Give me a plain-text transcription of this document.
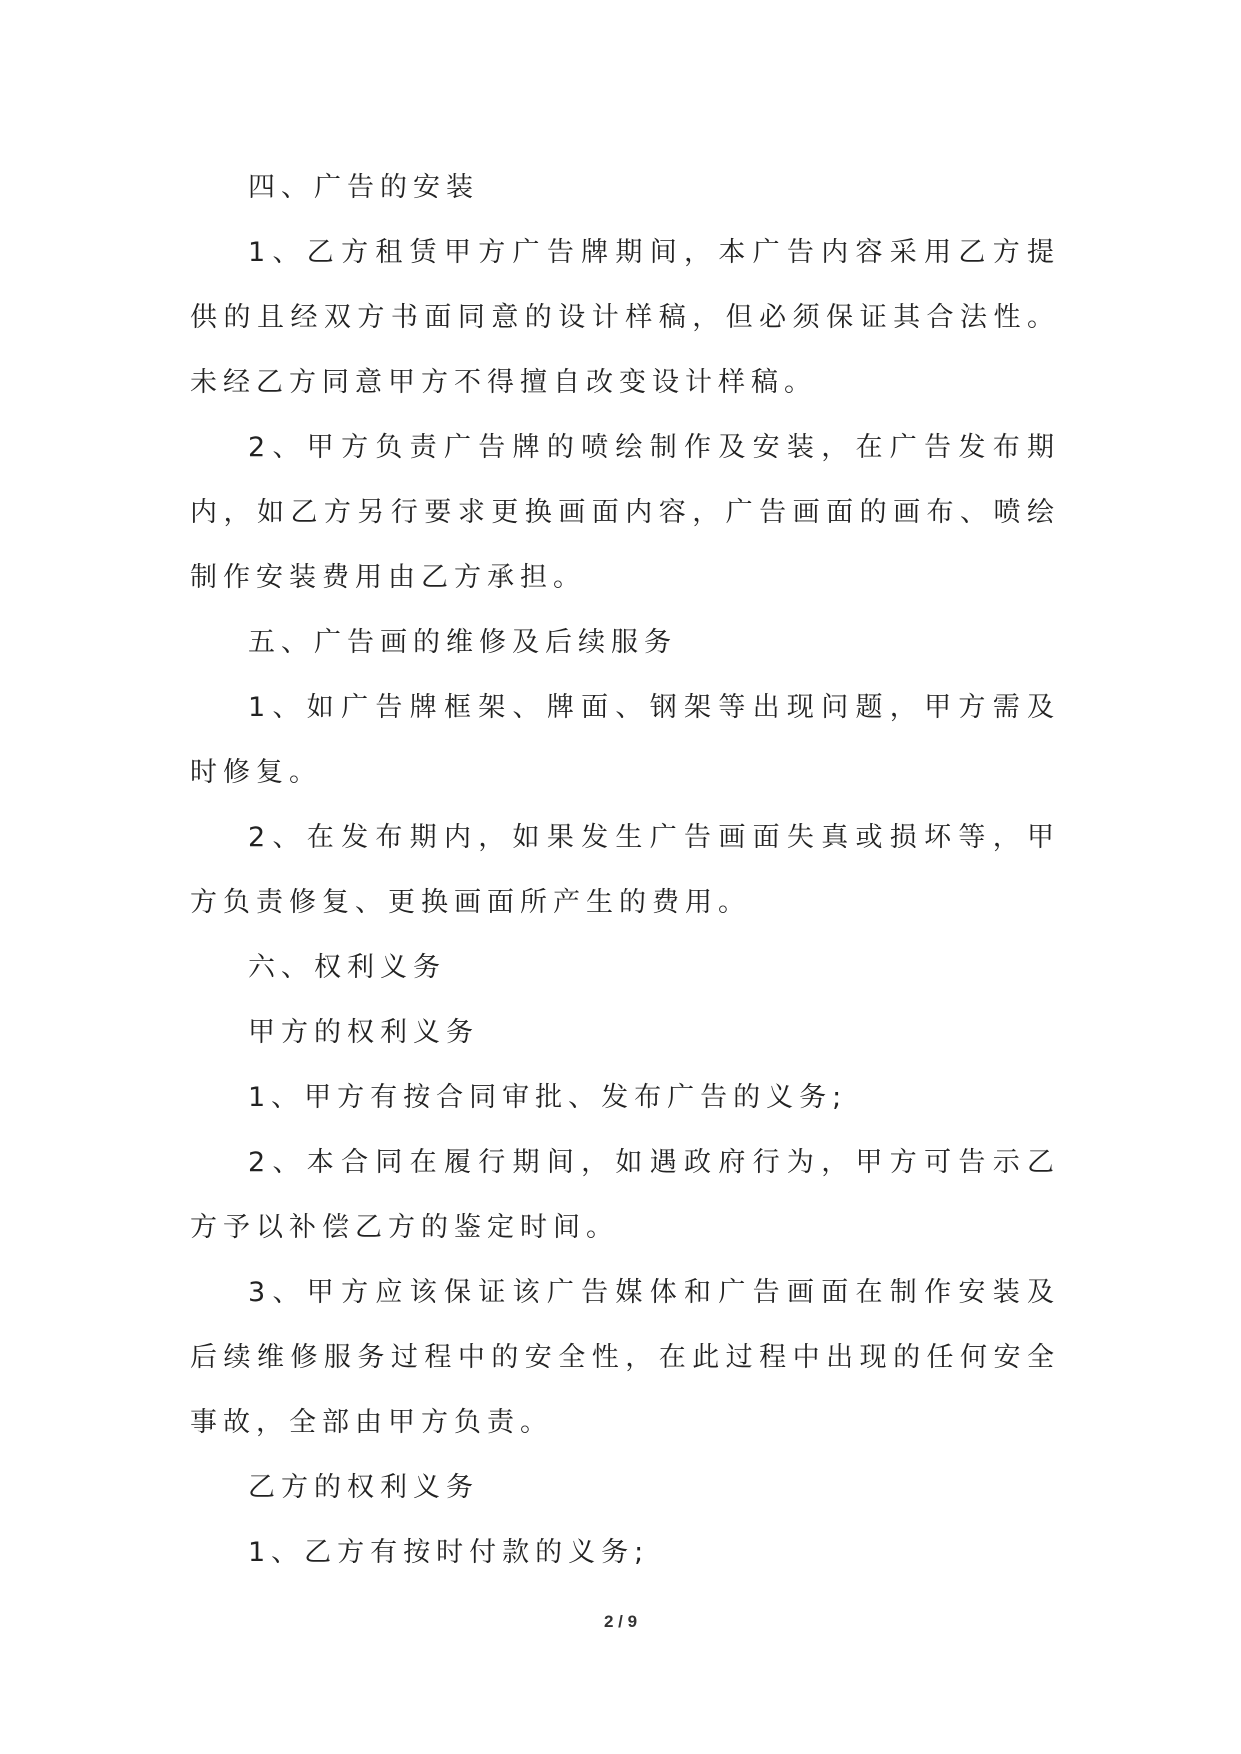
四、广告的安装

1、乙方租赁甲方广告牌期间，本广告内容采用乙方提供的且经双方书面同意的设计样稿，但必须保证其合法性。未经乙方同意甲方不得擅自改变设计样稿。

2、甲方负责广告牌的喷绘制作及安装，在广告发布期内，如乙方另行要求更换画面内容，广告画面的画布、喷绘制作安装费用由乙方承担。

五、广告画的维修及后续服务

1、如广告牌框架、牌面、钢架等出现问题，甲方需及时修复。

2、在发布期内，如果发生广告画面失真或损坏等，甲方负责修复、更换画面所产生的费用。

六、权利义务

甲方的权利义务

1、甲方有按合同审批、发布广告的义务;

2、本合同在履行期间，如遇政府行为，甲方可告示乙方予以补偿乙方的鉴定时间。

3、甲方应该保证该广告媒体和广告画面在制作安装及后续维修服务过程中的安全性，在此过程中出现的任何安全事故，全部由甲方负责。

乙方的权利义务

1、乙方有按时付款的义务;

2 / 9
